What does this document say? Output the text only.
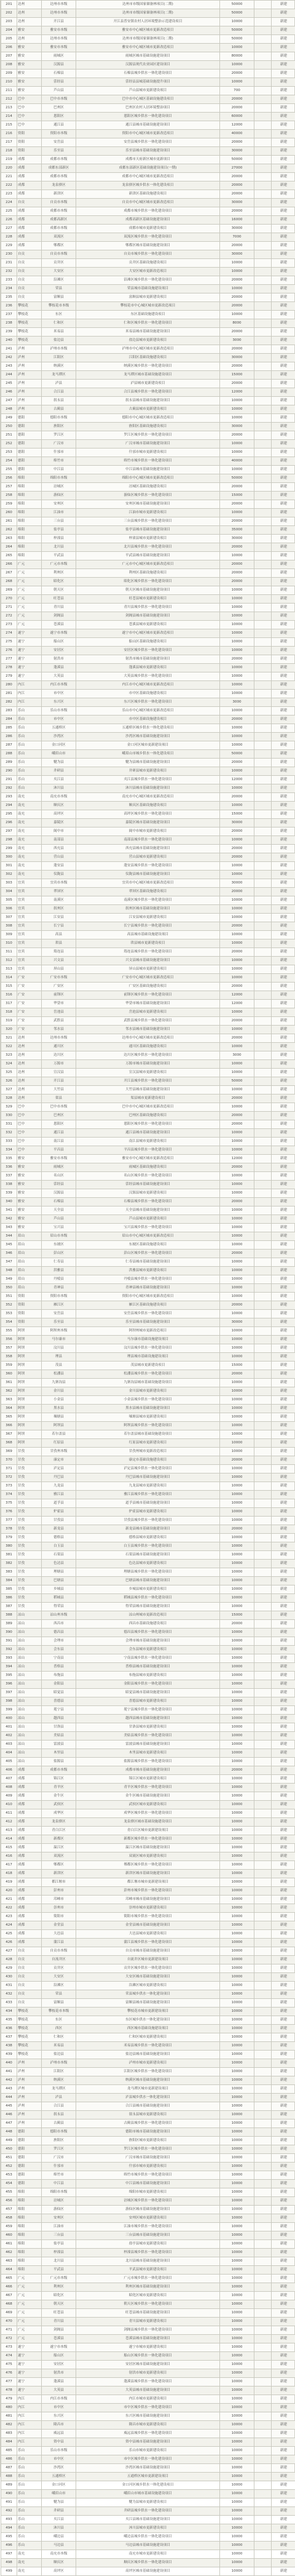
201	达州	达州市本级	达州市市级国家储备林项目(二期)	50000		新建
202	达州	达州市本级	达州市市级国家储备林项目(二期)	50000		新建
203	达州	开江县	开江县普安镇农村人居环境整治示范建设项目	10000		新建
204	雅安	雅安市本级	雅安市中心城区城市更新改造项目	50000		新建
205	达州	达州市本级	达州市市级国家储备林项目(二期)	50000		新建
206	雅安	雅安市本级	雅安市中心城区城市更新改造项目	10000		新建
207	雅安	雨城区	雨城区城市基础设施建设项目	80000		新建
208	雅安	汉源县	汉源县现代农业园区建设项目	10000		新建
209	雅安	石棉县	石棉县城乡供水一体化建设项目	20000		新建
210	雅安	荥经县	荥经县县城基础设施提升项目	10000		新建
211	雅安	芦山县	芦山县城市更新建设项目	700		新建
212	巴中	巴中市本级	巴中市中心城区基础设施建设项目	20000		新建
213	巴中	巴州区	巴州区农村人居环境整治项目	20000		新建
214	巴中	恩阳区	恩阳区城乡供水一体化建设项目	60000		新建
215	巴中	通江县	通江县城市基础设施建设项目	12000		新建
216	资阳	资阳市本级	资阳市中心城区城市更新改造项目	40000		新建
217	资阳	安岳县	安岳县城乡供水一体化建设项目	20000		新建
218	资阳	乐至县	乐至县城市基础设施建设项目	30000		新建
219	成都	成都市本级	成都市天府新区城市更新项目	50000		新建
220	成都	成都东部新区	成都东部新区基础设施建设项目(一期)	27000		新建
221	成都	成都市本级	成都市中心城区城市更新改造项目	20000		新建
222	成都	龙泉驿区	龙泉驿区城乡供水一体化建设项目	20000		新建
223	成都	新津区	新津区基础设施建设项目	20000		新建
224	自贡	自贡市本级	自贡市中心城区城市更新改造项目	30000		新建
225	成都	成都市本级	成都市城乡供水一体化建设项目	20000		新建
226	成都	成都高新区	成都高新区基础设施建设项目	16000		新建
227	成都	成都市本级	成都市城市更新建设项目	30000		新建
228	成都	双流区	双流区城乡供水一体化建设项目	7000		新建
229	成都	郫都区	郫都区城市基础设施建设项目	20000		新建
230	自贡	自贡市本级	自贡市城乡供水一体化建设项目	30000		新建
231	自贡	贡井区	贡井区基础设施建设项目	10000		新建
232	自贡	大安区	大安区城市更新改造项目	10000		新建
233	自贡	沿滩区	沿滩区城乡供水一体化建设项目	20000		新建
234	自贡	荣县	荣县城市基础设施建设项目	10000		新建
235	自贡	富顺县	富顺县城市更新建设项目	20000		新建
236	攀枝花	攀枝花市本级	攀枝花市中心城区城市更新改造项目	20000		新建
237	攀枝花	东区	东区基础设施建设项目	10000		新建
238	攀枝花	仁和区	仁和区城乡供水一体化建设项目	8000		新建
239	攀枝花	米易县	米易县城市基础设施建设项目	20000		新建
240	攀枝花	盐边县	盐边县城市更新建设项目	3000		新建
241	泸州	泸州市本级	泸州市中心城区城市更新改造项目	20000		新建
242	泸州	江阳区	江阳区基础设施建设项目	30000		新建
243	泸州	纳溪区	纳溪区城乡供水一体化建设项目	20000		新建
244	泸州	龙马潭区	龙马潭区城市基础设施建设项目	15000		新建
245	泸州	泸县	泸县城市更新建设项目	20000		新建
246	泸州	合江县	合江县城乡供水一体化建设项目	12000		新建
247	泸州	叙永县	叙永县城市基础设施建设项目	10000		新建
248	泸州	古蔺县	古蔺县城市更新建设项目	10000		新建
249	德阳	德阳市本级	德阳市中心城区城市更新改造项目	10000		新建
250	德阳	旌阳区	旌阳区基础设施建设项目	30000		新建
251	德阳	罗江区	罗江区城乡供水一体化建设项目	20000		新建
252	德阳	广汉市	广汉市城市基础设施建设项目	10000		新建
253	德阳	什邡市	什邡市城市更新建设项目	10000		新建
254	德阳	绵竹市	绵竹市城乡供水一体化建设项目	40000		新建
255	德阳	中江县	中江县城市基础设施建设项目	10000		新建
256	绵阳	绵阳市本级	绵阳市中心城区城市更新改造项目	50000		新建
257	绵阳	涪城区	涪城区基础设施建设项目	20000		新建
258	绵阳	游仙区	游仙区城乡供水一体化建设项目	15000		新建
259	绵阳	安州区	安州区城市基础设施建设项目	20000		新建
260	绵阳	江油市	江油市城市更新建设项目	10000		新建
261	绵阳	三台县	三台县城乡供水一体化建设项目	20000		新建
262	绵阳	盐亭县	盐亭县城市基础设施建设项目	35000		新建
263	绵阳	梓潼县	梓潼县城市更新建设项目	30000		新建
264	绵阳	北川县	北川县城乡供水一体化建设项目	20000		新建
265	绵阳	平武县	平武县城市基础设施建设项目	10000		新建
266	广元	广元市本级	广元市中心城区城市更新改造项目	20000		新建
267	广元	利州区	利州区基础设施建设项目	20000		新建
268	广元	昭化区	昭化区城乡供水一体化建设项目	20000		新建
269	广元	朝天区	朝天区城市基础设施建设项目	10000		新建
270	广元	旺苍县	旺苍县城市更新建设项目	10000		新建
271	广元	青川县	青川县城乡供水一体化建设项目	10000		新建
272	广元	剑阁县	剑阁县城市基础设施建设项目	10000		新建
273	广元	苍溪县	苍溪县城市更新建设项目	10000		新建
274	遂宁	遂宁市本级	遂宁市中心城区城市更新改造项目	10000		新建
275	遂宁	船山区	船山区基础设施建设项目	10000		新建
276	遂宁	安居区	安居区城乡供水一体化建设项目	10000		新建
277	遂宁	射洪市	射洪市城市基础设施建设项目	20000		新建
278	遂宁	蓬溪县	蓬溪县城市更新建设项目	10000		新建
279	遂宁	大英县	大英县城乡供水一体化建设项目	10000		新建
280	内江	内江市本级	内江市中心城区城市更新改造项目	10000		新建
281	内江	市中区	市中区基础设施建设项目	10000		新建
282	内江	东兴区	东兴区城乡供水一体化建设项目	3000		新建
283	乐山	乐山市本级	乐山市中心城区城市更新改造项目	10000		新建
284	乐山	市中区	市中区基础设施建设项目	20000		新建
285	乐山	五通桥区	五通桥区城乡供水一体化建设项目	10000		新建
286	乐山	沙湾区	沙湾区城市基础设施建设项目	10000		新建
287	乐山	金口河区	金口河区城市更新建设项目	10000		新建
288	乐山	峨眉山市	峨眉山市城乡供水一体化建设项目	50000		新建
289	乐山	犍为县	犍为县城市基础设施建设项目	20000		新建
290	乐山	井研县	井研县城市更新建设项目	10000		新建
291	乐山	夹江县	夹江县城乡供水一体化建设项目	12000		新建
292	乐山	沐川县	沐川县城市基础设施建设项目	10000		新建
293	南充	南充市本级	南充市中心城区城市更新改造项目	20000		新建
294	南充	顺庆区	顺庆区基础设施建设项目	10000		新建
295	南充	高坪区	高坪区城乡供水一体化建设项目	15000		新建
296	南充	嘉陵区	嘉陵区城市基础设施建设项目	30000		新建
297	南充	阆中市	阆中市城市更新建设项目	20000		新建
298	南充	南部县	南部县城乡供水一体化建设项目	10000		新建
299	南充	西充县	西充县城市基础设施建设项目	20000		新建
300	南充	营山县	营山县城市更新建设项目	20000		新建
301	南充	蓬安县	蓬安县城乡供水一体化建设项目	10000		新建
302	南充	仪陇县	仪陇县城市基础设施建设项目	10000		新建
303	宜宾	宜宾市本级	宜宾市中心城区城市更新改造项目	30000		新建
304	宜宾	翠屏区	翠屏区基础设施建设项目	20000		新建
305	宜宾	南溪区	南溪区城乡供水一体化建设项目	10000		新建
306	宜宾	叙州区	叙州区城市基础设施建设项目	10000		新建
307	宜宾	江安县	江安县城市更新建设项目	10000		新建
308	宜宾	长宁县	长宁县城乡供水一体化建设项目	20000		新建
309	宜宾	高县	高县城市基础设施建设项目	10000		新建
310	宜宾	珙县	珙县城市更新建设项目	10000		新建
311	宜宾	筠连县	筠连县城乡供水一体化建设项目	20000		新建
312	宜宾	兴文县	兴文县城市基础设施建设项目	10000		新建
313	宜宾	屏山县	屏山县城市更新建设项目	10000		新建
314	广安	广安市本级	广安市中心城区城市更新改造项目	10000		新建
315	广安	广安区	广安区基础设施建设项目	20000		新建
316	广安	前锋区	前锋区城乡供水一体化建设项目	12000		新建
317	广安	华蓥市	华蓥市城市基础设施建设项目	12000		新建
318	广安	岳池县	岳池县城市更新建设项目	10000		新建
319	广安	武胜县	武胜县城乡供水一体化建设项目	20000		新建
320	广安	邻水县	邻水县城市基础设施建设项目	10000		新建
321	达州	达州市本级	达州市中心城区城市更新改造项目	20000		新建
322	达州	通川区	通川区基础设施建设项目	10000		新建
323	达州	达川区	达川区城乡供水一体化建设项目	3000		新建
324	达州	万源市	万源市城市基础设施建设项目	10000		新建
325	达州	宣汉县	宣汉县城市更新建设项目	10000		新建
326	达州	开江县	开江县城乡供水一体化建设项目	50000		新建
327	达州	大竹县	大竹县城市基础设施建设项目	10000		新建
328	达州	渠县	渠县城市更新建设项目	20000		新建
329	巴中	巴中市本级	巴中市中心城区城市更新改造项目	10000		新建
330	巴中	巴州区	巴州区基础设施建设项目	20000		新建
331	巴中	恩阳区	恩阳区城乡供水一体化建设项目	20000		新建
332	巴中	通江县	通江县城市基础设施建设项目	10000		新建
333	巴中	南江县	南江县城市更新建设项目	10000		新建
334	巴中	平昌县	平昌县城乡供水一体化建设项目	10000		新建
335	雅安	雅安市本级	雅安市中心城区城市更新改造项目	12000		新建
336	雅安	雨城区	雨城区基础设施建设项目	20000		新建
337	雅安	名山区	名山区城乡供水一体化建设项目	10000		新建
338	雅安	荥经县	荥经县城市基础设施建设项目	10000		新建
339	雅安	汉源县	汉源县城市更新建设项目	10000		新建
340	雅安	石棉县	石棉县城乡供水一体化建设项目	20000		新建
341	雅安	天全县	天全县城市基础设施建设项目	10000		新建
342	雅安	芦山县	芦山县城市更新建设项目	10000		新建
343	雅安	宝兴县	宝兴县城乡供水一体化建设项目	10000		新建
344	眉山	眉山市本级	眉山市中心城区城市更新改造项目	10000		新建
345	眉山	东坡区	东坡区基础设施建设项目	10000		新建
346	眉山	彭山区	彭山区城乡供水一体化建设项目	20000		新建
347	眉山	仁寿县	仁寿县城市基础设施建设项目	10000		新建
348	眉山	洪雅县	洪雅县城市更新建设项目	10000		新建
349	眉山	丹棱县	丹棱县城乡供水一体化建设项目	10000		新建
350	眉山	青神县	青神县城市基础设施建设项目	10000		新建
351	资阳	资阳市本级	资阳市中心城区城市更新改造项目	10000		新建
352	资阳	雁江区	雁江区基础设施建设项目	20000		新建
353	资阳	安岳县	安岳县城乡供水一体化建设项目	10000		新建
354	资阳	乐至县	乐至县城市基础设施建设项目	30000		新建
355	阿坝	阿坝州本级	阿坝州城市更新改造项目	10000		新建
356	阿坝	马尔康市	马尔康市基础设施建设项目	10000		新建
357	阿坝	汶川县	汶川县城乡供水一体化建设项目	10000		新建
358	阿坝	理县	理县城市基础设施建设项目	10000		新建
359	阿坝	茂县	茂县城市更新建设项目	15000		新建
360	阿坝	松潘县	松潘县城乡供水一体化建设项目	20000		新建
361	阿坝	九寨沟县	九寨沟县城市基础设施建设项目	10000		新建
362	阿坝	金川县	金川县城市更新建设项目	10000		新建
363	阿坝	小金县	小金县城乡供水一体化建设项目	10000		新建
364	阿坝	黑水县	黑水县城市基础设施建设项目	10000		新建
365	阿坝	壤塘县	壤塘县城市更新建设项目	10000		新建
366	阿坝	阿坝县	阿坝县城乡供水一体化建设项目	10000		新建
367	阿坝	若尔盖县	若尔盖县城市基础设施建设项目	10000		新建
368	阿坝	红原县	红原县城市更新建设项目	10000		新建
369	甘孜	甘孜州本级	甘孜州城市更新改造项目	10000		新建
370	甘孜	康定市	康定市基础设施建设项目	20000		新建
371	甘孜	泸定县	泸定县城乡供水一体化建设项目	10000		新建
372	甘孜	丹巴县	丹巴县城市基础设施建设项目	10000		新建
373	甘孜	九龙县	九龙县城市更新建设项目	10000		新建
374	甘孜	雅江县	雅江县城乡供水一体化建设项目	10000		新建
375	甘孜	道孚县	道孚县城市基础设施建设项目	10000		新建
376	甘孜	炉霍县	炉霍县城市更新建设项目	10000		新建
377	甘孜	甘孜县	甘孜县城乡供水一体化建设项目	10000		新建
378	甘孜	新龙县	新龙县城市基础设施建设项目	20000		新建
379	甘孜	德格县	德格县城市更新建设项目	10000		新建
380	甘孜	白玉县	白玉县城乡供水一体化建设项目	10000		新建
381	甘孜	石渠县	石渠县城市基础设施建设项目	10000		新建
382	甘孜	色达县	色达县城市更新建设项目	10000		新建
383	甘孜	理塘县	理塘县城乡供水一体化建设项目	10000		新建
384	甘孜	巴塘县	巴塘县城市基础设施建设项目	10000		新建
385	甘孜	乡城县	乡城县城市更新建设项目	10000		新建
386	甘孜	稻城县	稻城县城乡供水一体化建设项目	10000		新建
387	甘孜	得荣县	得荣县城市基础设施建设项目	10000		新建
388	凉山	凉山州本级	凉山州城市更新改造项目	15000		新建
389	凉山	西昌市	西昌市基础设施建设项目	20000		新建
390	凉山	德昌县	德昌县城乡供水一体化建设项目	10000		新建
391	凉山	会理市	会理市城市基础设施建设项目	10000		新建
392	凉山	会东县	会东县城市更新建设项目	10000		新建
393	凉山	宁南县	宁南县城乡供水一体化建设项目	10000		新建
394	凉山	普格县	普格县城市基础设施建设项目	10000		新建
395	凉山	布拖县	布拖县城市更新建设项目	10000		新建
396	凉山	金阳县	金阳县城乡供水一体化建设项目	10000		新建
397	凉山	昭觉县	昭觉县城市基础设施建设项目	10000		新建
398	凉山	喜德县	喜德县城市更新建设项目	10000		新建
399	凉山	冕宁县	冕宁县城乡供水一体化建设项目	10000		新建
400	凉山	越西县	越西县城市基础设施建设项目	10000		新建
401	凉山	甘洛县	甘洛县城市更新建设项目	10000		新建
402	凉山	美姑县	美姑县城乡供水一体化建设项目	10000		新建
403	凉山	雷波县	雷波县城市基础设施建设项目	10000		新建
404	凉山	木里县	木里县城市更新建设项目	10000		新建
405	凉山	盐源县	盐源县城乡供水一体化建设项目	10000		新建
406	成都	成都市本级	成都市城市基础设施建设项目	20000		新建
407	成都	锦江区	锦江区城市更新建设项目	10000		新建
408	成都	青羊区	青羊区城乡供水一体化建设项目	10000		新建
409	成都	金牛区	金牛区城市基础设施建设项目	10000		新建
410	成都	武侯区	武侯区城市更新建设项目	10000		新建
411	成都	成华区	成华区城乡供水一体化建设项目	10000		新建
412	成都	龙泉驿区	龙泉驿区城市基础设施建设项目	10000		新建
413	成都	青白江区	青白江区城市更新建设项目	10000		新建
414	成都	新都区	新都区城乡供水一体化建设项目	10000		新建
415	成都	温江区	温江区城市基础设施建设项目	10000		新建
416	成都	双流区	双流区城市更新建设项目	10000		新建
417	成都	郫都区	郫都区城乡供水一体化建设项目	10000		新建
418	成都	新津区	新津区城市基础设施建设项目	10000		新建
419	成都	都江堰市	都江堰市城市更新建设项目	10000		新建
420	成都	彭州市	彭州市城乡供水一体化建设项目	10000		新建
421	成都	邛崃市	邛崃市城市基础设施建设项目	10000		新建
422	成都	崇州市	崇州市城市更新建设项目	10000		新建
423	成都	简阳市	简阳市城乡供水一体化建设项目	10000		新建
424	成都	金堂县	金堂县城市基础设施建设项目	10000		新建
425	成都	大邑县	大邑县城市更新建设项目	10000		新建
426	成都	蒲江县	蒲江县城乡供水一体化建设项目	10000		新建
427	自贡	自贡市本级	自贡市城市基础设施建设项目	10000		新建
428	自贡	自流井区	自流井区城市更新建设项目	10000		新建
429	自贡	贡井区	贡井区城乡供水一体化建设项目	10000		新建
430	自贡	大安区	大安区城市基础设施建设项目	10000		新建
431	自贡	沿滩区	沿滩区城市更新建设项目	10000		新建
432	自贡	荣县	荣县城乡供水一体化建设项目	10000		新建
433	自贡	富顺县	富顺县城市基础设施建设项目	10000		新建
434	攀枝花	攀枝花市本级	攀枝花市城市更新建设项目	10000		新建
435	攀枝花	东区	东区城乡供水一体化建设项目	10000		新建
436	攀枝花	西区	西区城市基础设施建设项目	10000		新建
437	攀枝花	仁和区	仁和区城市更新建设项目	10000		新建
438	攀枝花	米易县	米易县城乡供水一体化建设项目	10000		新建
439	攀枝花	盐边县	盐边县城市基础设施建设项目	10000		新建
440	泸州	泸州市本级	泸州市城市更新建设项目	10000		新建
441	泸州	江阳区	江阳区城乡供水一体化建设项目	10000		新建
442	泸州	纳溪区	纳溪区城市基础设施建设项目	10000		新建
443	泸州	龙马潭区	龙马潭区城市更新建设项目	10000		新建
444	泸州	泸县	泸县城乡供水一体化建设项目	10000		新建
445	泸州	合江县	合江县城市基础设施建设项目	10000		新建
446	泸州	叙永县	叙永县城市更新建设项目	10000		新建
447	泸州	古蔺县	古蔺县城乡供水一体化建设项目	10000		新建
448	德阳	德阳市本级	德阳市城市基础设施建设项目	10000		新建
449	德阳	旌阳区	旌阳区城市更新建设项目	10000		新建
450	德阳	罗江区	罗江区城乡供水一体化建设项目	10000		新建
451	德阳	广汉市	广汉市城市基础设施建设项目	10000		新建
452	德阳	什邡市	什邡市城市更新建设项目	10000		新建
453	德阳	绵竹市	绵竹市城乡供水一体化建设项目	10000		新建
454	德阳	中江县	中江县城市基础设施建设项目	10000		新建
455	绵阳	绵阳市本级	绵阳市城市更新建设项目	10000		新建
456	绵阳	涪城区	涪城区城乡供水一体化建设项目	10000		新建
457	绵阳	游仙区	游仙区城市基础设施建设项目	10000		新建
458	绵阳	安州区	安州区城市更新建设项目	10000		新建
459	绵阳	江油市	江油市城乡供水一体化建设项目	10000		新建
460	绵阳	三台县	三台县城市基础设施建设项目	10000		新建
461	绵阳	盐亭县	盐亭县城市更新建设项目	10000		新建
462	绵阳	梓潼县	梓潼县城乡供水一体化建设项目	10000		新建
463	绵阳	北川县	北川县城市基础设施建设项目	10000		新建
464	绵阳	平武县	平武县城市更新建设项目	10000		新建
465	广元	广元市本级	广元市城乡供水一体化建设项目	10000		新建
466	广元	利州区	利州区城市基础设施建设项目	10000		新建
467	广元	昭化区	昭化区城市更新建设项目	10000		新建
468	广元	朝天区	朝天区城乡供水一体化建设项目	10000		新建
469	广元	旺苍县	旺苍县城市基础设施建设项目	10000		新建
470	广元	青川县	青川县城市更新建设项目	10000		新建
471	广元	剑阁县	剑阁县城乡供水一体化建设项目	10000		新建
472	广元	苍溪县	苍溪县城市基础设施建设项目	10000		新建
473	遂宁	遂宁市本级	遂宁市城市更新建设项目	10000		新建
474	遂宁	船山区	船山区城乡供水一体化建设项目	10000		新建
475	遂宁	安居区	安居区城市基础设施建设项目	10000		新建
476	遂宁	射洪市	射洪市城市更新建设项目	10000		新建
477	遂宁	蓬溪县	蓬溪县城乡供水一体化建设项目	10000		新建
478	遂宁	大英县	大英县城市基础设施建设项目	10000		新建
479	内江	内江市本级	内江市城市更新建设项目	10000		新建
480	内江	市中区	市中区城乡供水一体化建设项目	10000		新建
481	内江	东兴区	东兴区城市基础设施建设项目	10000		新建
482	内江	隆昌市	隆昌市城市更新建设项目	10000		新建
483	内江	威远县	威远县城乡供水一体化建设项目	10000		新建
484	内江	资中县	资中县城市基础设施建设项目	10000		新建
485	乐山	乐山市本级	乐山市城市更新建设项目	10000		新建
486	乐山	市中区	市中区城乡供水一体化建设项目	10000		新建
487	乐山	沙湾区	沙湾区城市基础设施建设项目	10000		新建
488	乐山	五通桥区	五通桥区城市更新建设项目	10000		新建
489	乐山	金口河区	金口河区城乡供水一体化建设项目	10000		新建
490	乐山	峨眉山市	峨眉山市城市基础设施建设项目	10000		新建
491	乐山	犍为县	犍为县城市更新建设项目	10000		新建
492	乐山	井研县	井研县城乡供水一体化建设项目	10000		新建
493	乐山	夹江县	夹江县城市基础设施建设项目	10000		新建
494	乐山	沐川县	沐川县城市更新建设项目	10000		新建
495	乐山	峨边县	峨边县城乡供水一体化建设项目	10000		新建
496	乐山	马边县	马边县城市基础设施建设项目	10000		新建
497	南充	南充市本级	南充市城市更新建设项目	10000		新建
498	南充	顺庆区	顺庆区城乡供水一体化建设项目	10000		新建
499	南充	高坪区	高坪区城市基础设施建设项目	10000		新建
